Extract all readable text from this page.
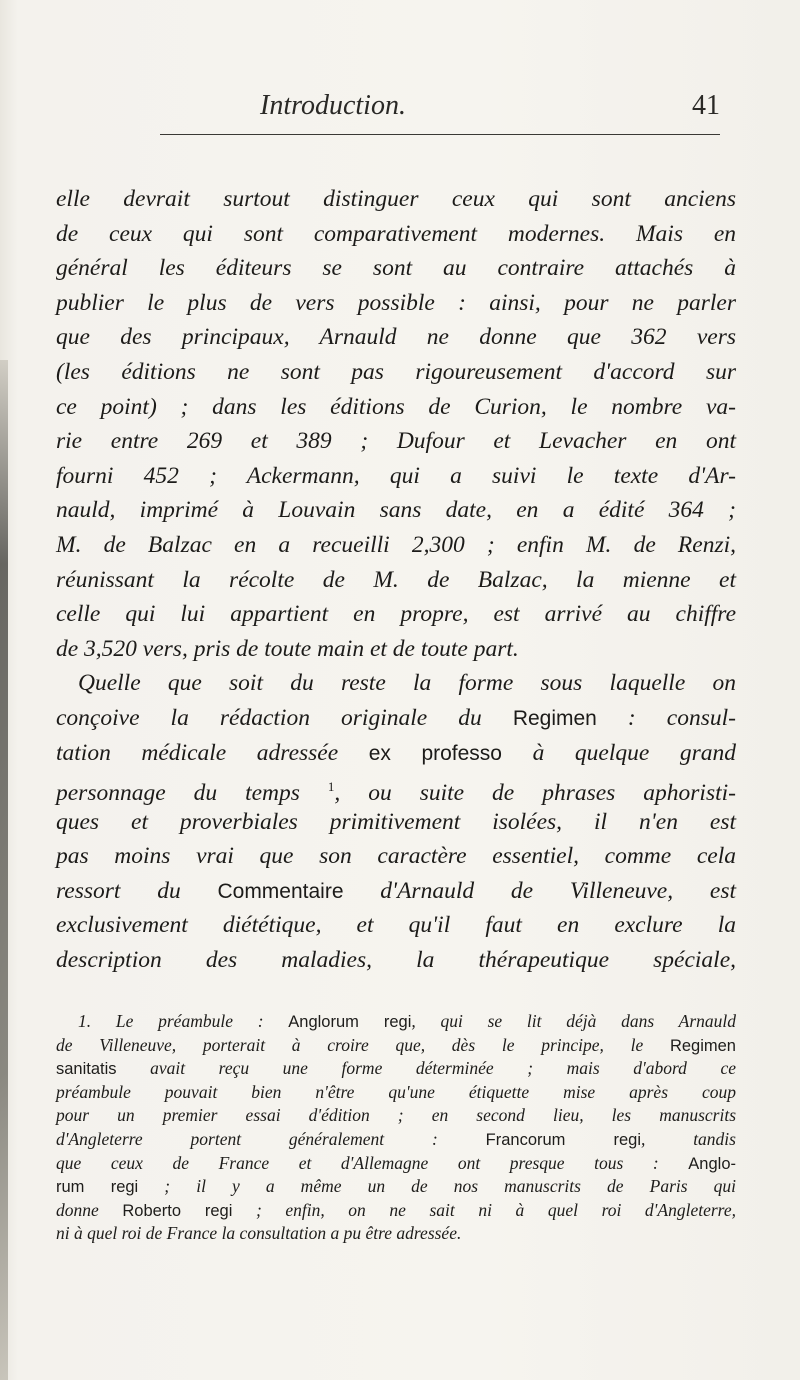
Introduction.	41
elle devrait surtout distinguer ceux qui sont anciens
de ceux qui sont comparativement modernes. Mais en
général les éditeurs se sont au contraire attachés à
publier le plus de vers possible : ainsi, pour ne parler
que des principaux, Arnauld ne donne que 362 vers
(les éditions ne sont pas rigoureusement d'accord sur
ce point) ; dans les éditions de Curion, le nombre va-
rie entre 269 et 389 ; Dufour et Levacher en ont
fourni 452 ; Ackermann, qui a suivi le texte d'Ar-
nauld, imprimé à Louvain sans date, en a édité 364 ;
M. de Balzac en a recueilli 2,300 ; enfin M. de Renzi,
réunissant la récolte de M. de Balzac, la mienne et
celle qui lui appartient en propre, est arrivé au chiffre
de 3,520 vers, pris de toute main et de toute part.
Quelle que soit du reste la forme sous laquelle on
conçoive la rédaction originale du Regimen : consul-
tation médicale adressée ex professo à quelque grand
personnage du temps $^1$, ou suite de phrases aphoristi-
ques et proverbiales primitivement isolées, il n'en est
pas moins vrai que son caractère essentiel, comme cela
ressort du Commentaire d'Arnauld de Villeneuve, est
exclusivement diététique, et qu'il faut en exclure la
description des maladies, la thérapeutique spéciale,
1. Le préambule : Anglorum regi, qui se lit déjà dans Arnauld
de Villeneuve, porterait à croire que, dès le principe, le Regimen
sanitatis avait reçu une forme déterminée ; mais d'abord ce
préambule pouvait bien n'être qu'une étiquette mise après coup
pour un premier essai d'édition ; en second lieu, les manuscrits
d'Angleterre portent généralement : Francorum regi, tandis
que ceux de France et d'Allemagne ont presque tous : Anglo-
rum regi ; il y a même un de nos manuscrits de Paris qui
donne Roberto regi ; enfin, on ne sait ni à quel roi d'Angleterre,
ni à quel roi de France la consultation a pu être adressée.
